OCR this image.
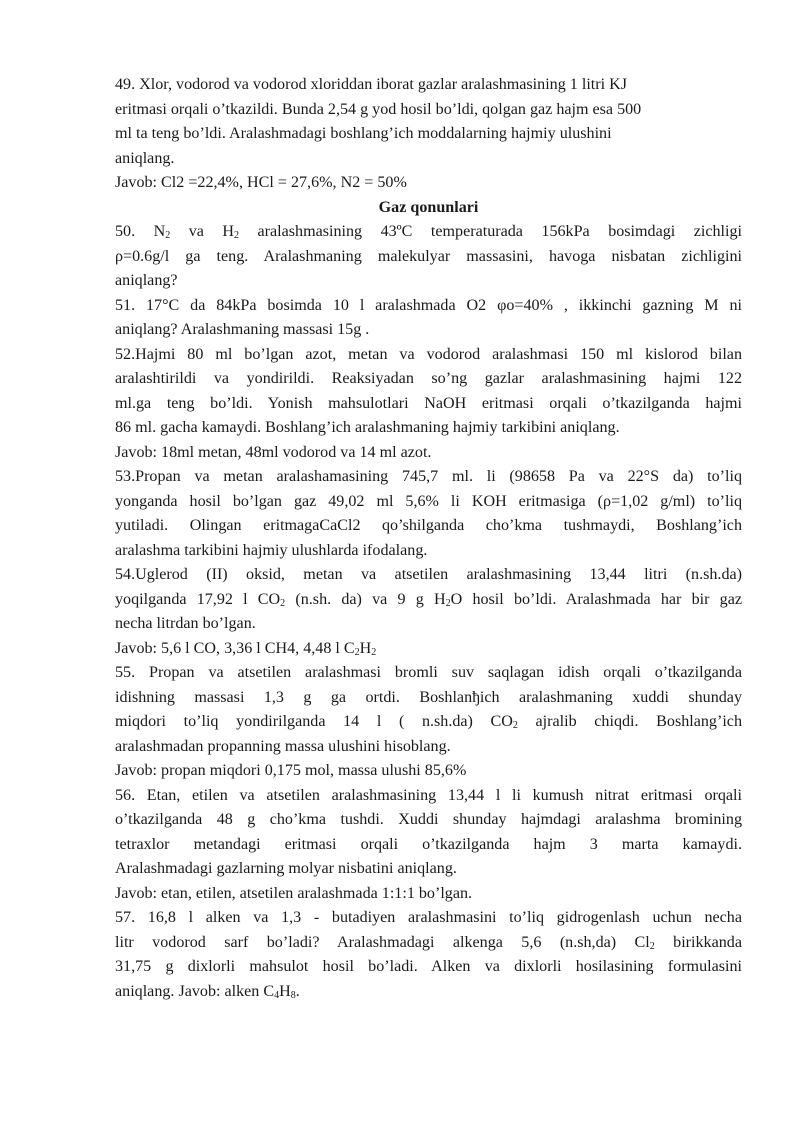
49. Xlor, vodorod va vodorod xloriddan iborat gazlar aralashmasining 1 litri KJ
eritmasi orqali o’tkazildi. Bunda 2,54 g yod hosil bo’ldi, qolgan gaz hajm esa 500
ml ta teng bo’ldi. Aralashmadagi boshlang’ich moddalarning hajmiy ulushini
aniqlang.
Javob: Cl2 =22,4%, HCl = 27,6%, N2 = 50%
Gaz qonunlari
50. $N_2$ va $H_2$ aralashmasining 43ºC temperaturada 156kPa bosimdagi zichligi
ρ=0.6g/l ga teng. Aralashmaning malekulyar massasini, havoga nisbatan zichligini
aniqlang?
51. 17°C da 84kPa bosimda 10 l aralashmada O2 φo=40% , ikkinchi gazning M ni
aniqlang? Aralashmaning massasi 15g .
52.Hajmi 80 ml bo’lgan azot, metan va vodorod aralashmasi 150 ml kislorod bilan
aralashtirildi va yondirildi. Reaksiyadan so’ng gazlar aralashmasining hajmi 122
ml.ga teng bo’ldi. Yonish mahsulotlari NaOH eritmasi orqali o’tkazilganda hajmi
86 ml. gacha kamaydi. Boshlang’ich aralashmaning hajmiy tarkibini aniqlang.
Javob: 18ml metan, 48ml vodorod va 14 ml azot.
53.Propan va metan aralashamasining 745,7 ml. li (98658 Pa va 22°S da) to’liq
yonganda hosil bo’lgan gaz 49,02 ml 5,6% li KOH eritmasiga (ρ=1,02 g/ml) to’liq
yutiladi. Olingan eritmagaCaCl2 qo’shilganda cho’kma tushmaydi, Boshlang’ich
aralashma tarkibini hajmiy ulushlarda ifodalang.
54.Uglerod (II) oksid, metan va atsetilen aralashmasining 13,44 litri (n.sh.da)
yoqilganda 17,92 l $CO_2$ (n.sh. da) va 9 g $H_2O$ hosil bo’ldi. Aralashmada har bir gaz
necha litrdan bo’lgan.
Javob: 5,6 l CO, 3,36 l CH4, 4,48 l $C_2H_2$
55. Propan va atsetilen aralashmasi bromli suv saqlagan idish orqali o’tkazilganda
idishning massasi 1,3 g ga ortdi. Boshlanђich aralashmaning xuddi shunday
miqdori to’liq yondirilganda 14 l ( n.sh.da) $CO_2$ ajralib chiqdi. Boshlang’ich
aralashmadan propanning massa ulushini hisoblang.
Javob: propan miqdori 0,175 mol, massa ulushi 85,6%
56. Etan, etilen va atsetilen aralashmasining 13,44 l li kumush nitrat eritmasi orqali
o’tkazilganda 48 g cho’kma tushdi. Xuddi shunday hajmdagi aralashma bromining
tetraxlor metandagi eritmasi orqali o’tkazilganda hajm 3 marta kamaydi.
Aralashmadagi gazlarning molyar nisbatini aniqlang.
Javob: etan, etilen, atsetilen aralashmada 1:1:1 bo’lgan.
57. 16,8 l alken va 1,3 - butadiyen aralashmasini to’liq gidrogenlash uchun necha
litr vodorod sarf bo’ladi? Aralashmadagi alkenga 5,6 (n.sh,da) $Cl_2$ birikkanda
31,75 g dixlorli mahsulot hosil bo’ladi. Alken va dixlorli hosilasining formulasini
aniqlang. Javob: alken $C_4H_8$.
